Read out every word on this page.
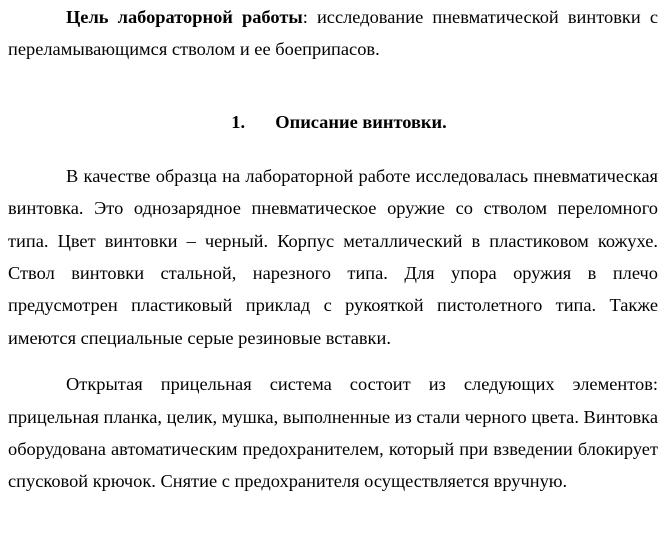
Цель лабораторной работы: исследование пневматической винтовки с переламывающимся стволом и ее боеприпасов.

1. Описание винтовки.

В качестве образца на лабораторной работе исследовалась пневматическая винтовка. Это однозарядное пневматическое оружие со стволом переломного типа. Цвет винтовки – черный. Корпус металлический в пластиковом кожухе. Ствол винтовки стальной, нарезного типа. Для упора оружия в плечо предусмотрен пластиковый приклад с рукояткой пистолетного типа. Также имеются специальные серые резиновые вставки.

Открытая прицельная система состоит из следующих элементов: прицельная планка, целик, мушка, выполненные из стали черного цвета. Винтовка оборудована автоматическим предохранителем, который при взведении блокирует спусковой крючок. Снятие с предохранителя осуществляется вручную.
